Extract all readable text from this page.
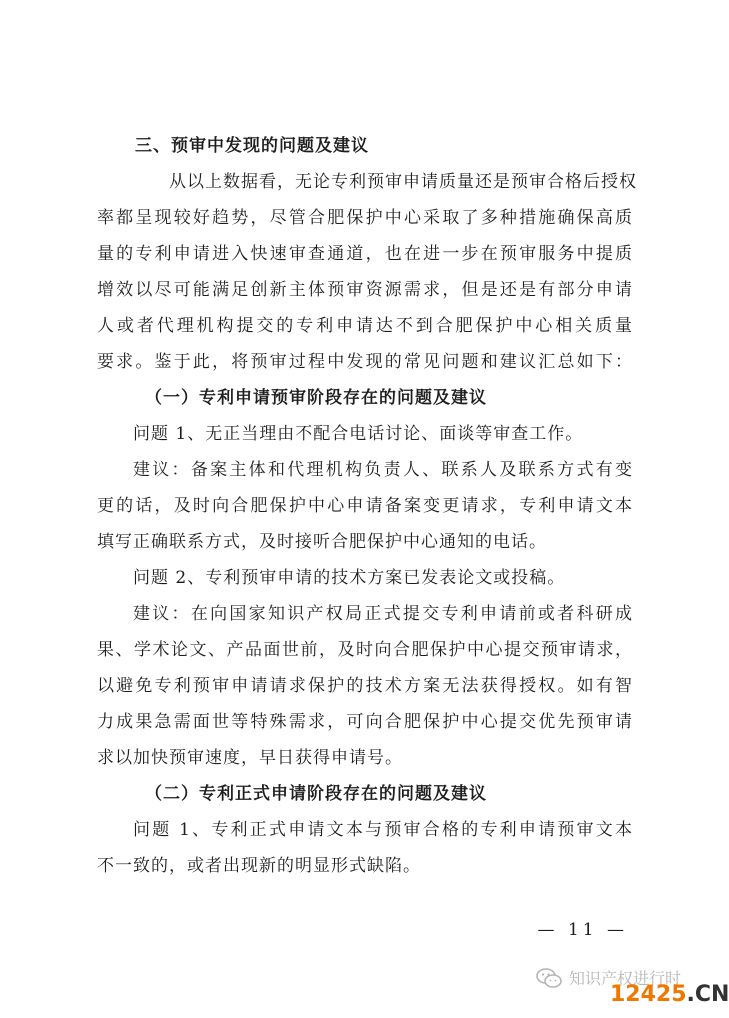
三、预审中发现的问题及建议
从以上数据看，无论专利预审申请质量还是预审合格后授权
率都呈现较好趋势，尽管合肥保护中心采取了多种措施确保高质
量的专利申请进入快速审查通道，也在进一步在预审服务中提质
增效以尽可能满足创新主体预审资源需求，但是还是有部分申请
人或者代理机构提交的专利申请达不到合肥保护中心相关质量
要求。鉴于此，将预审过程中发现的常见问题和建议汇总如下：
（一）专利申请预审阶段存在的问题及建议
问题 1、无正当理由不配合电话讨论、面谈等审查工作。
建议：备案主体和代理机构负责人、联系人及联系方式有变
更的话，及时向合肥保护中心申请备案变更请求，专利申请文本
填写正确联系方式，及时接听合肥保护中心通知的电话。
问题 2、专利预审申请的技术方案已发表论文或投稿。
建议：在向国家知识产权局正式提交专利申请前或者科研成
果、学术论文、产品面世前，及时向合肥保护中心提交预审请求，
以避免专利预审申请请求保护的技术方案无法获得授权。如有智
力成果急需面世等特殊需求，可向合肥保护中心提交优先预审请
求以加快预审速度，早日获得申请号。
（二）专利正式申请阶段存在的问题及建议
问题 1、专利正式申请文本与预审合格的专利申请预审文本
不一致的，或者出现新的明显形式缺陷。
— 11 —
知识产权进行时
12425.CN
